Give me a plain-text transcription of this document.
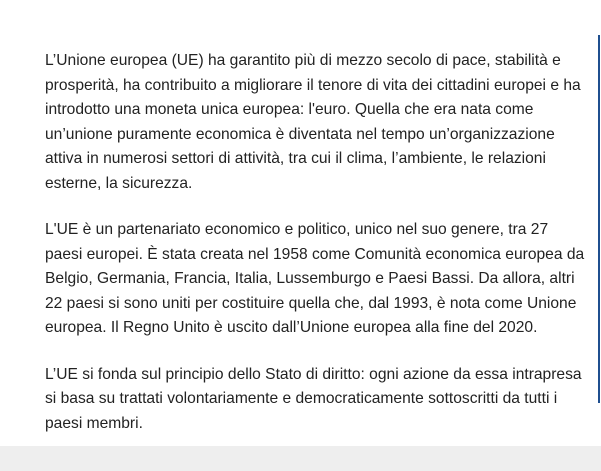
L’Unione europea (UE) ha garantito più di mezzo secolo di pace, stabilità e prosperità, ha contribuito a migliorare il tenore di vita dei cittadini europei e ha introdotto una moneta unica europea: l'euro. Quella che era nata come un’unione puramente economica è diventata nel tempo un’organizzazione attiva in numerosi settori di attività, tra cui il clima, l’ambiente, le relazioni esterne, la sicurezza.

L'UE è un partenariato economico e politico, unico nel suo genere, tra 27 paesi europei. È stata creata nel 1958 come Comunità economica europea da Belgio, Germania, Francia, Italia, Lussemburgo e Paesi Bassi. Da allora, altri 22 paesi si sono uniti per costituire quella che, dal 1993, è nota come Unione europea. Il Regno Unito è uscito dall’Unione europea alla fine del 2020.

L’UE si fonda sul principio dello Stato di diritto: ogni azione da essa intrapresa si basa su trattati volontariamente e democraticamente sottoscritti da tutti i paesi membri.
